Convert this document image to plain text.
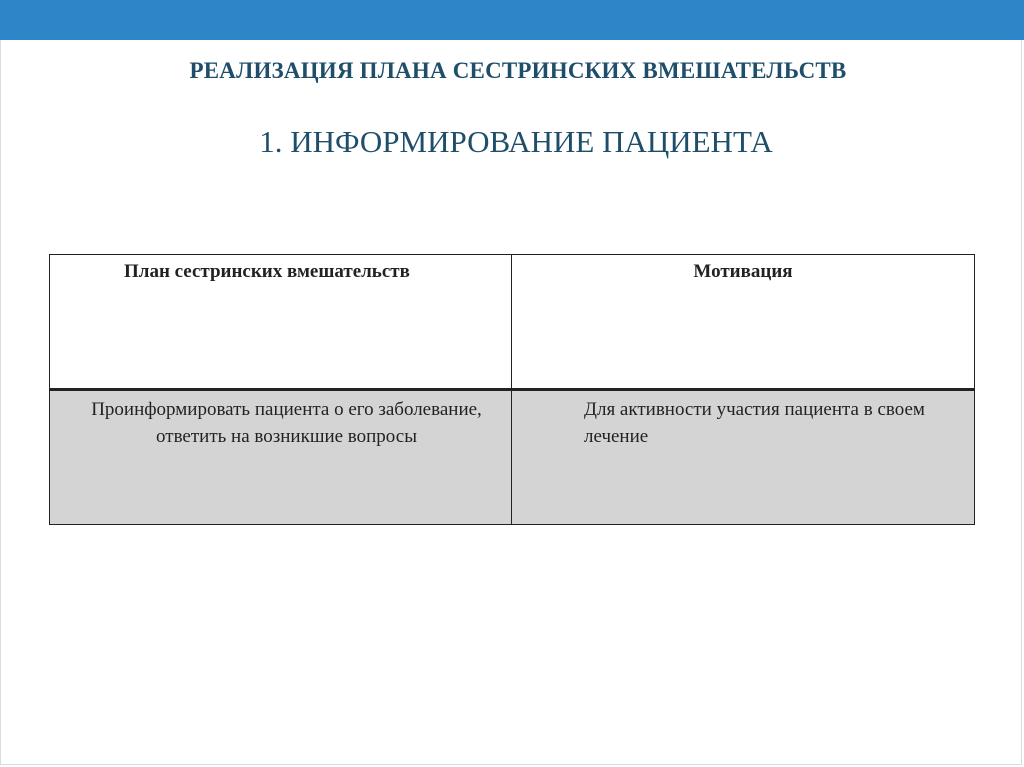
РЕАЛИЗАЦИЯ ПЛАНА СЕСТРИНСКИХ ВМЕШАТЕЛЬСТВ
1. ИНФОРМИРОВАНИЕ ПАЦИЕНТА
План сестринских вмешательств	Мотивация
Проинформировать пациента о его заболевание, ответить на возникшие вопросы	Для активности участия пациента в своем лечение
